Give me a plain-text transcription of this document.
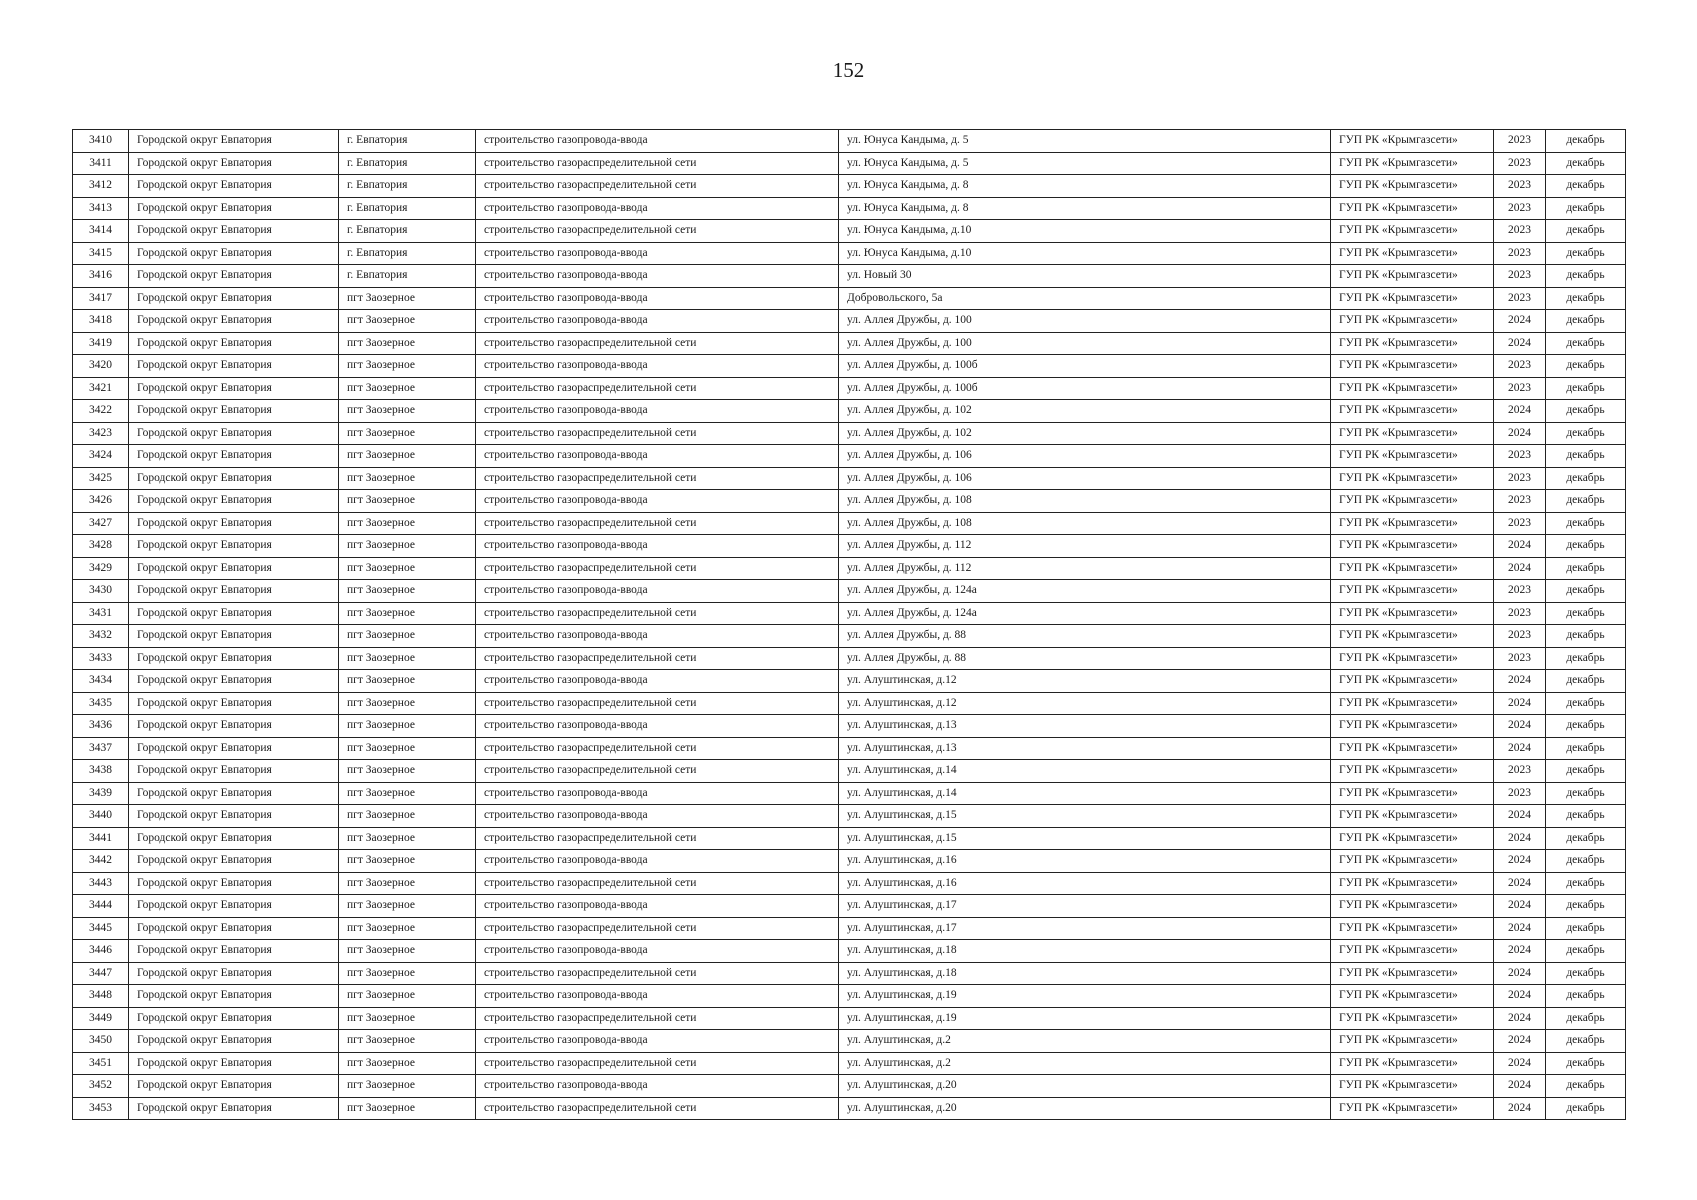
152
3410	Городской округ Евпатория	г. Евпатория	строительство газопровода-ввода	ул. Юнуса Кандыма, д. 5	ГУП РК «Крымгазсети»	2023	декабрь
3411	Городской округ Евпатория	г. Евпатория	строительство газораспределительной сети	ул. Юнуса Кандыма, д. 5	ГУП РК «Крымгазсети»	2023	декабрь
3412	Городской округ Евпатория	г. Евпатория	строительство газораспределительной сети	ул. Юнуса Кандыма, д. 8	ГУП РК «Крымгазсети»	2023	декабрь
3413	Городской округ Евпатория	г. Евпатория	строительство газопровода-ввода	ул. Юнуса Кандыма, д. 8	ГУП РК «Крымгазсети»	2023	декабрь
3414	Городской округ Евпатория	г. Евпатория	строительство газораспределительной сети	ул. Юнуса Кандыма, д.10	ГУП РК «Крымгазсети»	2023	декабрь
3415	Городской округ Евпатория	г. Евпатория	строительство газопровода-ввода	ул. Юнуса Кандыма, д.10	ГУП РК «Крымгазсети»	2023	декабрь
3416	Городской округ Евпатория	г. Евпатория	строительство газопровода-ввода	ул. Новый 30	ГУП РК «Крымгазсети»	2023	декабрь
3417	Городской округ Евпатория	пгт Заозерное	строительство газопровода-ввода	Добровольского, 5а	ГУП РК «Крымгазсети»	2023	декабрь
3418	Городской округ Евпатория	пгт Заозерное	строительство газопровода-ввода	ул. Аллея Дружбы, д. 100	ГУП РК «Крымгазсети»	2024	декабрь
3419	Городской округ Евпатория	пгт Заозерное	строительство газораспределительной сети	ул. Аллея Дружбы, д. 100	ГУП РК «Крымгазсети»	2024	декабрь
3420	Городской округ Евпатория	пгт Заозерное	строительство газопровода-ввода	ул. Аллея Дружбы, д. 100б	ГУП РК «Крымгазсети»	2023	декабрь
3421	Городской округ Евпатория	пгт Заозерное	строительство газораспределительной сети	ул. Аллея Дружбы, д. 100б	ГУП РК «Крымгазсети»	2023	декабрь
3422	Городской округ Евпатория	пгт Заозерное	строительство газопровода-ввода	ул. Аллея Дружбы, д. 102	ГУП РК «Крымгазсети»	2024	декабрь
3423	Городской округ Евпатория	пгт Заозерное	строительство газораспределительной сети	ул. Аллея Дружбы, д. 102	ГУП РК «Крымгазсети»	2024	декабрь
3424	Городской округ Евпатория	пгт Заозерное	строительство газопровода-ввода	ул. Аллея Дружбы, д. 106	ГУП РК «Крымгазсети»	2023	декабрь
3425	Городской округ Евпатория	пгт Заозерное	строительство газораспределительной сети	ул. Аллея Дружбы, д. 106	ГУП РК «Крымгазсети»	2023	декабрь
3426	Городской округ Евпатория	пгт Заозерное	строительство газопровода-ввода	ул. Аллея Дружбы, д. 108	ГУП РК «Крымгазсети»	2023	декабрь
3427	Городской округ Евпатория	пгт Заозерное	строительство газораспределительной сети	ул. Аллея Дружбы, д. 108	ГУП РК «Крымгазсети»	2023	декабрь
3428	Городской округ Евпатория	пгт Заозерное	строительство газопровода-ввода	ул. Аллея Дружбы, д. 112	ГУП РК «Крымгазсети»	2024	декабрь
3429	Городской округ Евпатория	пгт Заозерное	строительство газораспределительной сети	ул. Аллея Дружбы, д. 112	ГУП РК «Крымгазсети»	2024	декабрь
3430	Городской округ Евпатория	пгт Заозерное	строительство газопровода-ввода	ул. Аллея Дружбы, д. 124а	ГУП РК «Крымгазсети»	2023	декабрь
3431	Городской округ Евпатория	пгт Заозерное	строительство газораспределительной сети	ул. Аллея Дружбы, д. 124а	ГУП РК «Крымгазсети»	2023	декабрь
3432	Городской округ Евпатория	пгт Заозерное	строительство газопровода-ввода	ул. Аллея Дружбы, д. 88	ГУП РК «Крымгазсети»	2023	декабрь
3433	Городской округ Евпатория	пгт Заозерное	строительство газораспределительной сети	ул. Аллея Дружбы, д. 88	ГУП РК «Крымгазсети»	2023	декабрь
3434	Городской округ Евпатория	пгт Заозерное	строительство газопровода-ввода	ул. Алуштинская, д.12	ГУП РК «Крымгазсети»	2024	декабрь
3435	Городской округ Евпатория	пгт Заозерное	строительство газораспределительной сети	ул. Алуштинская, д.12	ГУП РК «Крымгазсети»	2024	декабрь
3436	Городской округ Евпатория	пгт Заозерное	строительство газопровода-ввода	ул. Алуштинская, д.13	ГУП РК «Крымгазсети»	2024	декабрь
3437	Городской округ Евпатория	пгт Заозерное	строительство газораспределительной сети	ул. Алуштинская, д.13	ГУП РК «Крымгазсети»	2024	декабрь
3438	Городской округ Евпатория	пгт Заозерное	строительство газораспределительной сети	ул. Алуштинская, д.14	ГУП РК «Крымгазсети»	2023	декабрь
3439	Городской округ Евпатория	пгт Заозерное	строительство газопровода-ввода	ул. Алуштинская, д.14	ГУП РК «Крымгазсети»	2023	декабрь
3440	Городской округ Евпатория	пгт Заозерное	строительство газопровода-ввода	ул. Алуштинская, д.15	ГУП РК «Крымгазсети»	2024	декабрь
3441	Городской округ Евпатория	пгт Заозерное	строительство газораспределительной сети	ул. Алуштинская, д.15	ГУП РК «Крымгазсети»	2024	декабрь
3442	Городской округ Евпатория	пгт Заозерное	строительство газопровода-ввода	ул. Алуштинская, д.16	ГУП РК «Крымгазсети»	2024	декабрь
3443	Городской округ Евпатория	пгт Заозерное	строительство газораспределительной сети	ул. Алуштинская, д.16	ГУП РК «Крымгазсети»	2024	декабрь
3444	Городской округ Евпатория	пгт Заозерное	строительство газопровода-ввода	ул. Алуштинская, д.17	ГУП РК «Крымгазсети»	2024	декабрь
3445	Городской округ Евпатория	пгт Заозерное	строительство газораспределительной сети	ул. Алуштинская, д.17	ГУП РК «Крымгазсети»	2024	декабрь
3446	Городской округ Евпатория	пгт Заозерное	строительство газопровода-ввода	ул. Алуштинская, д.18	ГУП РК «Крымгазсети»	2024	декабрь
3447	Городской округ Евпатория	пгт Заозерное	строительство газораспределительной сети	ул. Алуштинская, д.18	ГУП РК «Крымгазсети»	2024	декабрь
3448	Городской округ Евпатория	пгт Заозерное	строительство газопровода-ввода	ул. Алуштинская, д.19	ГУП РК «Крымгазсети»	2024	декабрь
3449	Городской округ Евпатория	пгт Заозерное	строительство газораспределительной сети	ул. Алуштинская, д.19	ГУП РК «Крымгазсети»	2024	декабрь
3450	Городской округ Евпатория	пгт Заозерное	строительство газопровода-ввода	ул. Алуштинская, д.2	ГУП РК «Крымгазсети»	2024	декабрь
3451	Городской округ Евпатория	пгт Заозерное	строительство газораспределительной сети	ул. Алуштинская, д.2	ГУП РК «Крымгазсети»	2024	декабрь
3452	Городской округ Евпатория	пгт Заозерное	строительство газопровода-ввода	ул. Алуштинская, д.20	ГУП РК «Крымгазсети»	2024	декабрь
3453	Городской округ Евпатория	пгт Заозерное	строительство газораспределительной сети	ул. Алуштинская, д.20	ГУП РК «Крымгазсети»	2024	декабрь
